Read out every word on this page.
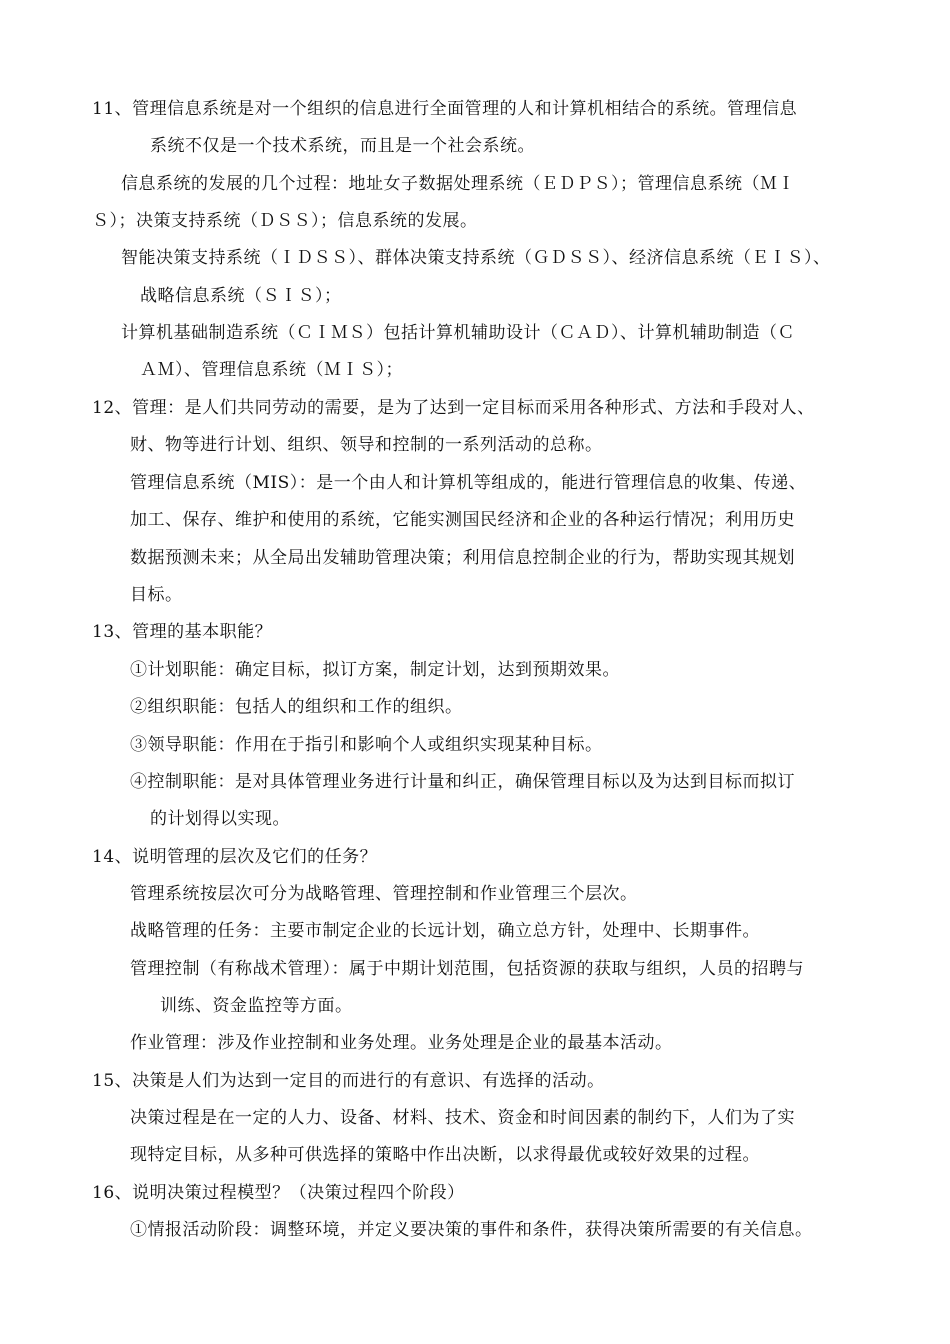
11、管理信息系统是对一个组织的信息进行全面管理的人和计算机相结合的系统。管理信息
系统不仅是一个技术系统，而且是一个社会系统。
信息系统的发展的几个过程：地址女子数据处理系统（ＥＤＰＳ）；管理信息系统（ＭＩ
Ｓ）；决策支持系统（ＤＳＳ）；信息系统的发展。
智能决策支持系统（ＩＤＳＳ）、群体决策支持系统（ＧＤＳＳ）、经济信息系统（ＥＩＳ）、
战略信息系统（ＳＩＳ）；
计算机基础制造系统（ＣＩＭＳ）包括计算机辅助设计（ＣＡＤ）、计算机辅助制造（Ｃ
ＡＭ）、管理信息系统（ＭＩＳ）；
12、管理：是人们共同劳动的需要，是为了达到一定目标而采用各种形式、方法和手段对人、
财、物等进行计划、组织、领导和控制的一系列活动的总称。
管理信息系统（MIS）：是一个由人和计算机等组成的，能进行管理信息的收集、传递、
加工、保存、维护和使用的系统，它能实测国民经济和企业的各种运行情况；利用历史
数据预测未来；从全局出发辅助管理决策；利用信息控制企业的行为，帮助实现其规划
目标。
13、管理的基本职能？
①计划职能：确定目标，拟订方案，制定计划，达到预期效果。
②组织职能：包括人的组织和工作的组织。
③领导职能：作用在于指引和影响个人或组织实现某种目标。
④控制职能：是对具体管理业务进行计量和纠正，确保管理目标以及为达到目标而拟订
的计划得以实现。
14、说明管理的层次及它们的任务？
管理系统按层次可分为战略管理、管理控制和作业管理三个层次。
战略管理的任务：主要市制定企业的长远计划，确立总方针，处理中、长期事件。
管理控制（有称战术管理）：属于中期计划范围，包括资源的获取与组织，人员的招聘与
训练、资金监控等方面。
作业管理：涉及作业控制和业务处理。业务处理是企业的最基本活动。
15、决策是人们为达到一定目的而进行的有意识、有选择的活动。
决策过程是在一定的人力、设备、材料、技术、资金和时间因素的制约下，人们为了实
现特定目标，从多种可供选择的策略中作出决断，以求得最优或较好效果的过程。
16、说明决策过程模型？（决策过程四个阶段）
①情报活动阶段：调整环境，并定义要决策的事件和条件，获得决策所需要的有关信息。
